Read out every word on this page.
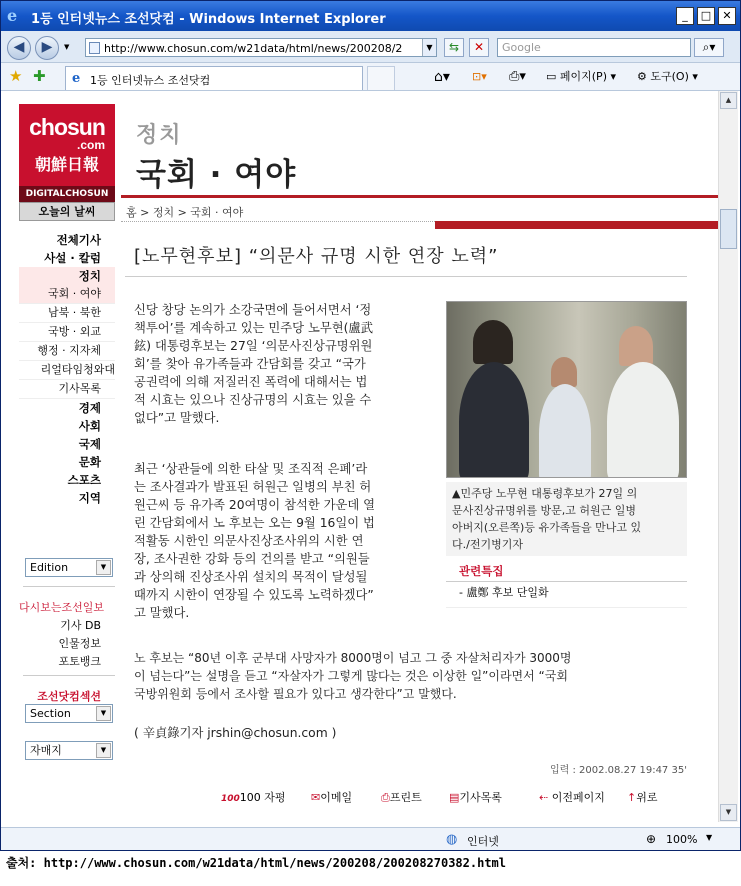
e	1등 인터넷뉴스 조선닷컴 - Windows Internet Explorer	_	□	✕
◀	▶	▼	http://www.chosun.com/w21data/html/news/200208/2	▼	⇆	✕	Google	⌕▾
★ ✚ e 1등 인터넷뉴스 조선닷컴	⌂▾ ⊡▾ ⎙▾ ▭ 페이지(P) ▾ ⚙ 도구(O) ▾
chosun
.com
朝鮮日報
DIGITALCHOSUN
오늘의 날씨
정치
국회 · 여야
홈 > 정치 > 국회 · 여야
전체기사
사설 · 칼럼
정치
국회 · 여야
남북 · 북한
국방 · 외교
행정 · 지자체
리얼타임청와대
기사목록
경제
사회
국제
문화
스포츠
지역
Edition	▼
다시보는조선일보
기사 DB
인물정보
포토뱅크
조선닷컴섹션
Section	▼
자매지	▼
[노무현후보] “의문사 규명 시한 연장 노력”
신당 창당 논의가 소강국면에 들어서면서 ‘정
책투어’를 계속하고 있는 민주당 노무현(盧武
鉉) 대통령후보는 27일 ‘의문사진상규명위원
회’를 찾아 유가족들과 간담회를 갖고 “국가
공권력에 의해 저질러진 폭력에 대해서는 법
적 시효는 있으나 진상규명의 시효는 있을 수
없다”고 말했다.
▲민주당 노무현 대통령후보가 27일 의
문사진상규명위를 방문,고 허원근 일병
아버지(오른쪽)등 유가족들을 만나고 있
다./전기병기자
관련특집
- 盧鄭 후보 단일화
최근 ‘상관들에 의한 타살 및 조직적 은폐’라
는 조사결과가 발표된 허원근 일병의 부친 허
원근씨 등 유가족 20여명이 참석한 가운데 열
린 간담회에서 노 후보는 오는 9월 16일이 법
적활동 시한인 의문사진상조사위의 시한 연
장, 조사권한 강화 등의 건의를 받고 “의원들
과 상의해 진상조사위 설치의 목적이 달성될
때까지 시한이 연장될 수 있도록 노력하겠다”
고 말했다.
노 후보는 “80년 이후 군부대 사망자가 8000명이 넘고 그 중 자살처리자가 3000명
이 넘는다”는 설명을 듣고 “자살자가 그렇게 많다는 것은 이상한 일”이라면서 “국회
국방위원회 등에서 조사할 필요가 있다고 생각한다”고 말했다.
( 辛貞錄기자 jrshin@chosun.com )
입력 : 2002.08.27 19:47 35'
100100 자평 ✉이메일	⎙프린트 ▤기사목록	⇠ 이전페이지 ↑위로
▲
▼
◍ 인터넷	⊕ 100% ▼
출처: http://www.chosun.com/w21data/html/news/200208/200208270382.html
